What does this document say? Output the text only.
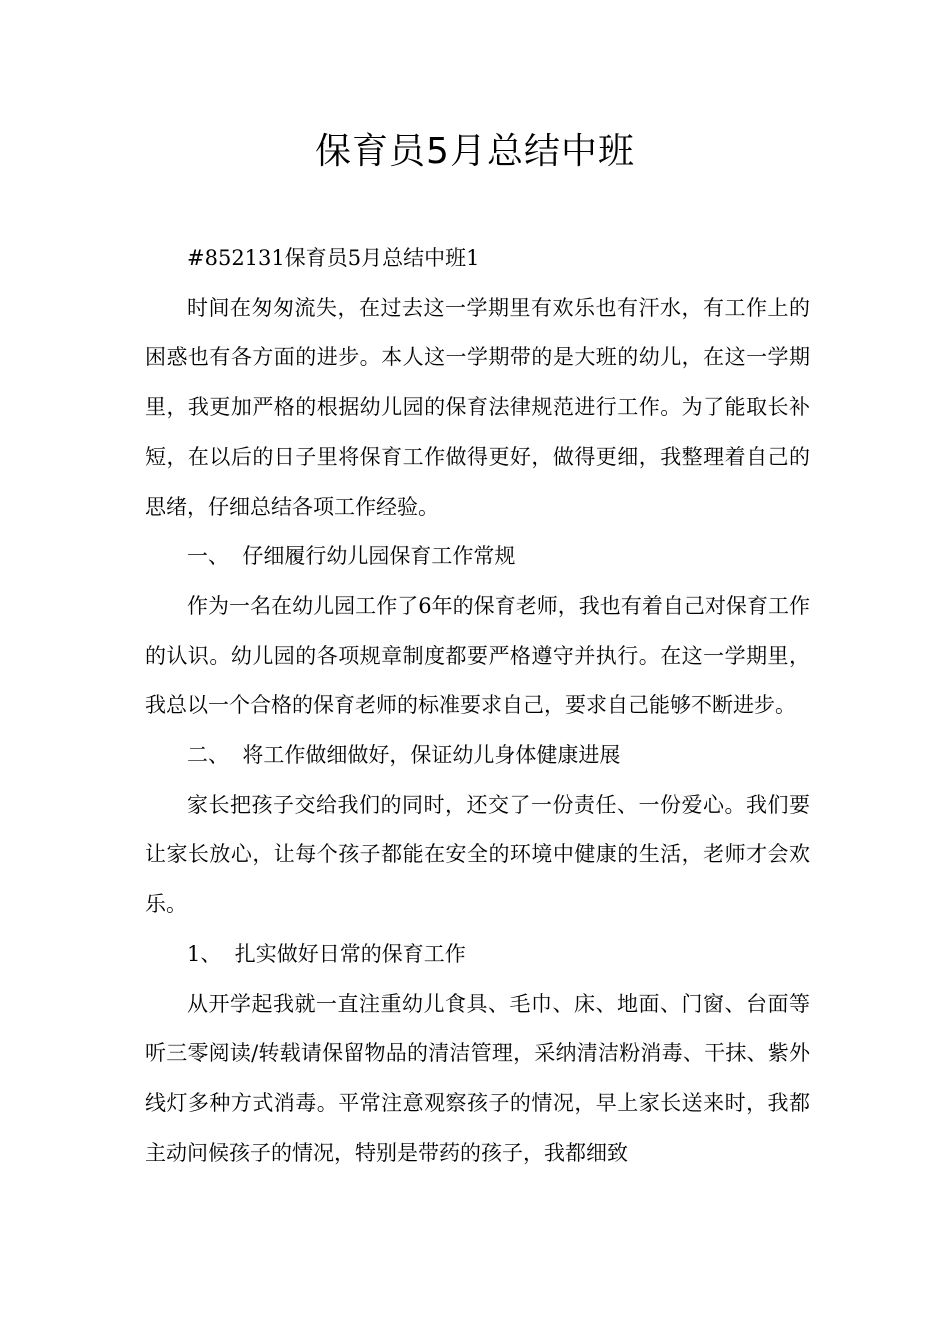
保育员5月总结中班

#852131保育员5月总结中班1

时间在匆匆流失，在过去这一学期里有欢乐也有汗水，有工作上的困惑也有各方面的进步。本人这一学期带的是大班的幼儿，在这一学期里，我更加严格的根据幼儿园的保育法律规范进行工作。为了能取长补短，在以后的日子里将保育工作做得更好，做得更细，我整理着自己的思绪，仔细总结各项工作经验。

一、  仔细履行幼儿园保育工作常规

作为一名在幼儿园工作了6年的保育老师，我也有着自己对保育工作的认识。幼儿园的各项规章制度都要严格遵守并执行。在这一学期里，我总以一个合格的保育老师的标准要求自己，要求自己能够不断进步。

二、  将工作做细做好，保证幼儿身体健康进展

家长把孩子交给我们的同时，还交了一份责任、一份爱心。我们要让家长放心，让每个孩子都能在安全的环境中健康的生活，老师才会欢乐。

1、  扎实做好日常的保育工作

从开学起我就一直注重幼儿食具、毛巾、床、地面、门窗、台面等听三零阅读/转载请保留物品的清洁管理，采纳清洁粉消毒、干抹、紫外线灯多种方式消毒。平常注意观察孩子的情况，早上家长送来时，我都主动问候孩子的情况，特别是带药的孩子，我都细致
